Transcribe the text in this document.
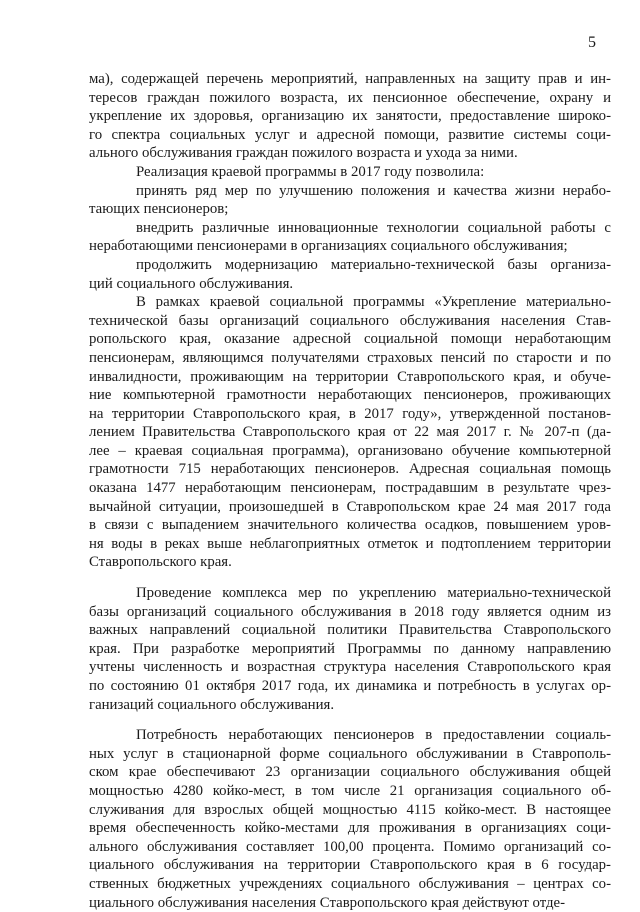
5
ма), содержащей перечень мероприятий, направленных на защиту прав и ин-
тересов граждан пожилого возраста, их пенсионное обеспечение, охрану и
укрепление их здоровья, организацию их занятости, предоставление широко-
го спектра социальных услуг и адресной помощи, развитие системы соци-
ального обслуживания граждан пожилого возраста и ухода за ними.
Реализация краевой программы в 2017 году позволила:
принять ряд мер по улучшению положения и качества жизни нерабо-
тающих пенсионеров;
внедрить различные инновационные технологии социальной работы с
неработающими пенсионерами в организациях социального обслуживания;
продолжить модернизацию материально-технической базы организа-
ций социального обслуживания.
В рамках краевой социальной программы «Укрепление материально-
технической базы организаций социального обслуживания населения Став-
ропольского края, оказание адресной социальной помощи неработающим
пенсионерам, являющимся получателями страховых пенсий по старости и по
инвалидности, проживающим на территории Ставропольского края, и обуче-
ние компьютерной грамотности неработающих пенсионеров, проживающих
на территории Ставропольского края, в 2017 году», утвержденной постанов-
лением Правительства Ставропольского края от 22 мая 2017 г. № 207-п (да-
лее – краевая социальная программа), организовано обучение компьютерной
грамотности 715 неработающих пенсионеров. Адресная социальная помощь
оказана 1477 неработающим пенсионерам, пострадавшим в результате чрез-
вычайной ситуации, произошедшей в Ставропольском крае 24 мая 2017 года
в связи с выпадением значительного количества осадков, повышением уров-
ня воды в реках выше неблагоприятных отметок и подтоплением территории
Ставропольского края.
Проведение комплекса мер по укреплению материально-технической
базы организаций социального обслуживания в 2018 году является одним из
важных направлений социальной политики Правительства Ставропольского
края. При разработке мероприятий Программы по данному направлению
учтены численность и возрастная структура населения Ставропольского края
по состоянию 01 октября 2017 года, их динамика и потребность в услугах ор-
ганизаций социального обслуживания.
Потребность неработающих пенсионеров в предоставлении социаль-
ных услуг в стационарной форме социального обслуживании в Ставрополь-
ском крае обеспечивают 23 организации социального обслуживания общей
мощностью 4280 койко-мест, в том числе 21 организация социального об-
служивания для взрослых общей мощностью 4115 койко-мест. В настоящее
время обеспеченность койко-местами для проживания в организациях соци-
ального обслуживания составляет 100,00 процента. Помимо организаций со-
циального обслуживания на территории Ставропольского края в 6 государ-
ственных бюджетных учреждениях социального обслуживания – центрах со-
циального обслуживания населения Ставропольского края действуют отде-
